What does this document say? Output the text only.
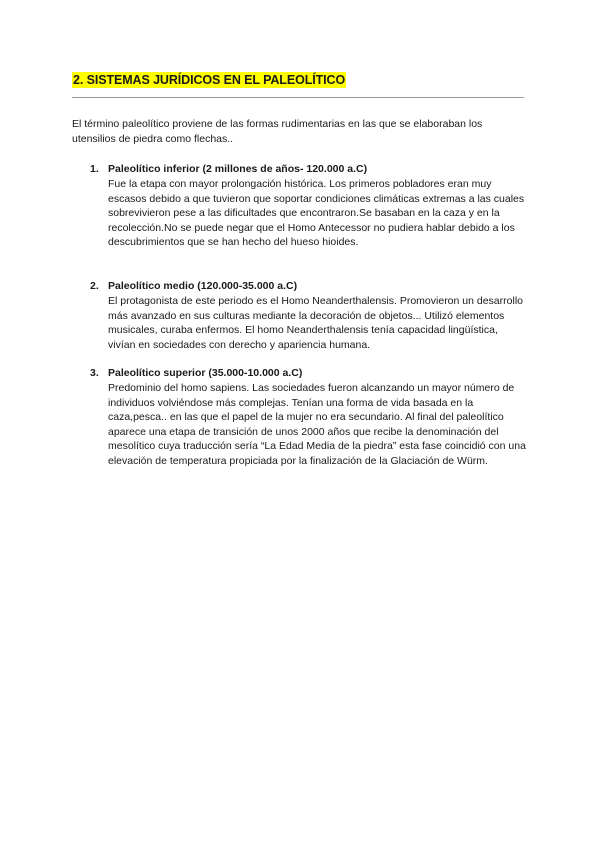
2. SISTEMAS JURÍDICOS EN EL PALEOLÍTICO
El término paleolítico proviene de las formas rudimentarias en las que se elaboraban los utensilios de piedra como flechas..
1. Paleolítico inferior (2 millones de años- 120.000 a.C)
Fue la etapa con mayor prolongación histórica. Los primeros pobladores eran muy escasos debido a que tuvieron que soportar condiciones climáticas extremas a las cuales sobrevivieron pese a las dificultades que encontraron.Se basaban en la caza y en la recolección.No se puede negar que el Homo Antecessor no pudiera hablar debido a los descubrimientos que se han hecho del hueso hioides.
2. Paleolítico medio (120.000-35.000 a.C)
El protagonista de este periodo es el Homo Neanderthalensis. Promovieron un desarrollo más avanzado en sus culturas mediante la decoración de objetos... Utilizó elementos musicales, curaba enfermos. El homo Neanderthalensis tenía capacidad lingüística, vivían en sociedades con derecho y apariencia humana.
3. Paleolítico superior (35.000-10.000 a.C)
Predominio del homo sapiens. Las sociedades fueron alcanzando un mayor número de individuos volviéndose más complejas. Tenían una forma de vida basada en la caza,pesca.. en las que el papel de la mujer no era secundario. Al final del paleolítico aparece una etapa de transición de unos 2000 años que recibe la denominación del mesolítico cuya traducción sería “La Edad Media de la piedra” esta fase coincidió con una elevación de temperatura propiciada por la finalización de la Glaciación de Würm.
